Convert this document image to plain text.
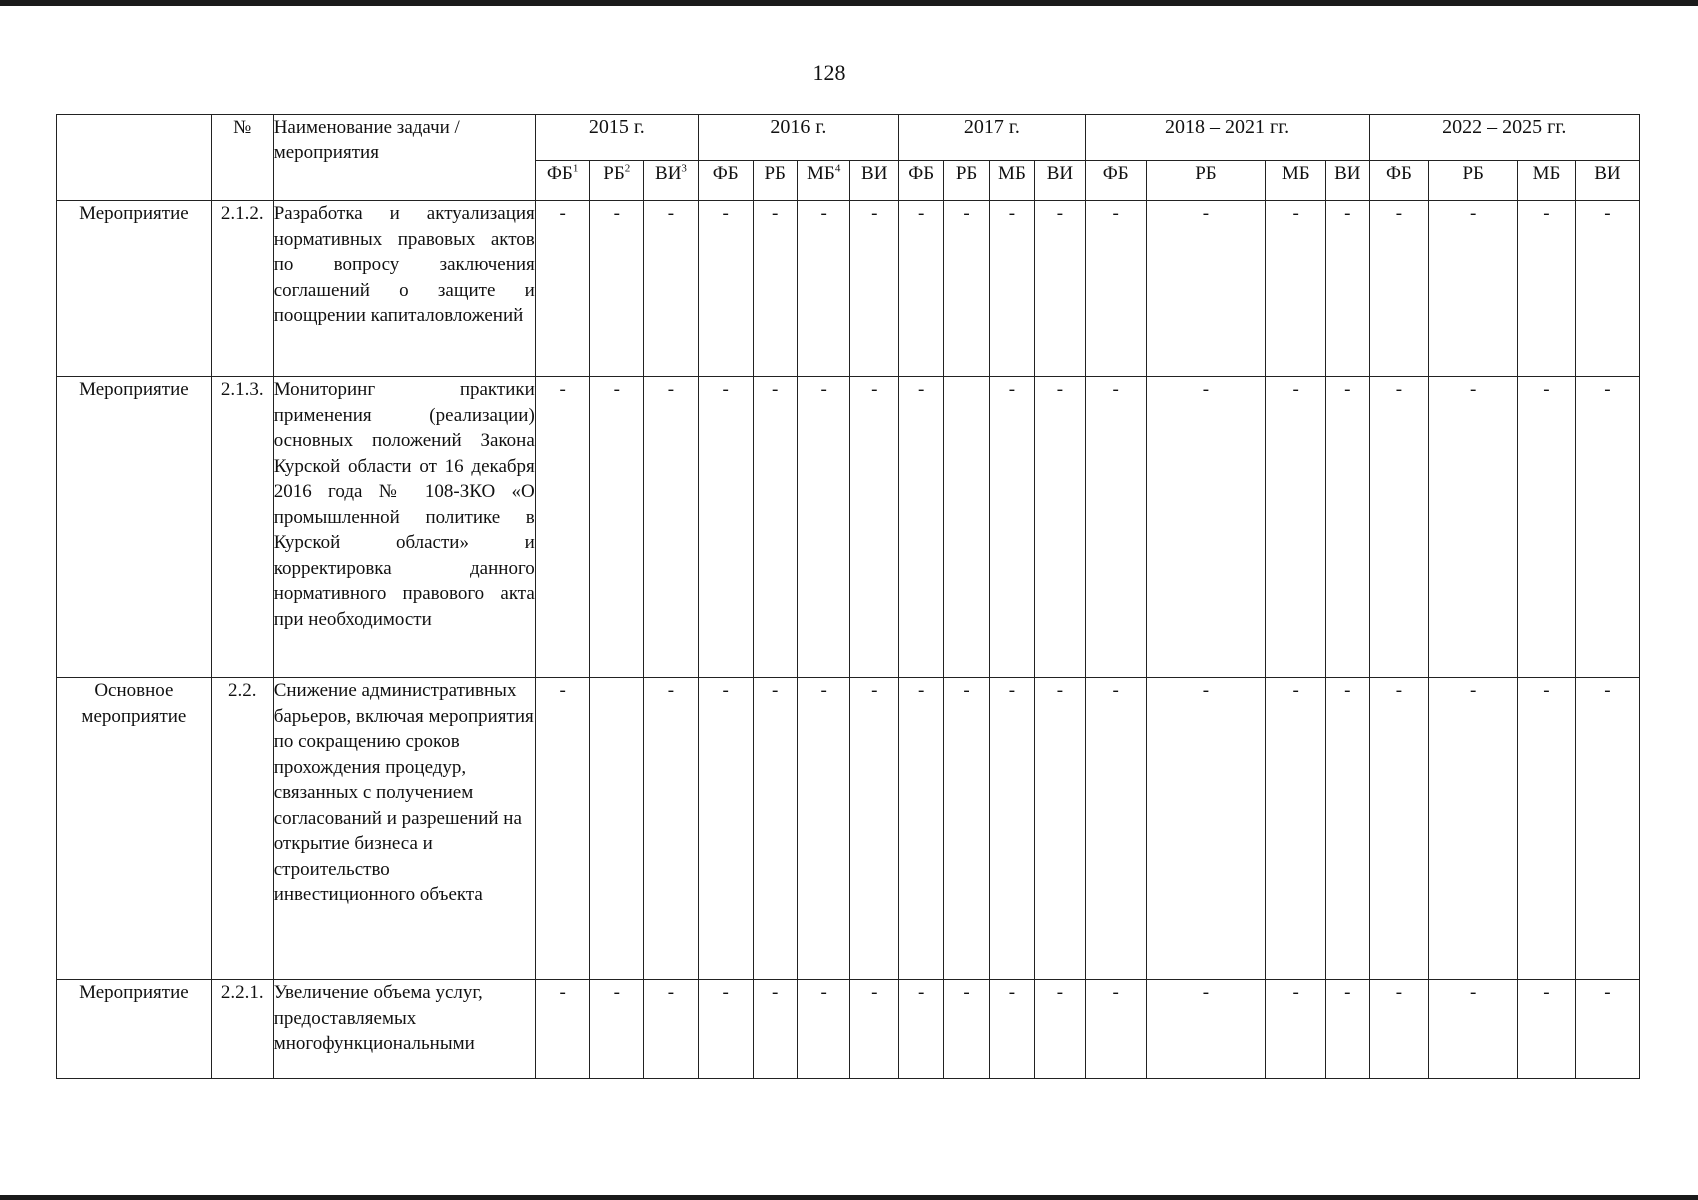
128
	№	Наименование задачи / мероприятия	2015 г.			2016 г.				2017 г.				2018 – 2021 гг.				2022 – 2025 гг.			
			$ФБ^1$	$РБ^2$	$ВИ^3$	ФБ	РБ	$МБ^4$	ВИ	ФБ	РБ	МБ	ВИ	ФБ	РБ	МБ	ВИ	ФБ	РБ	МБ	ВИ
Мероприятие	2.1.2.	Разработка и актуализация нормативных правовых актов по вопросу заключения соглашений о защите и поощрении капиталовложений	-	-	-	-	-	-	-	-	-	-	-	-	-	-	-	-	-	-	-
Мероприятие	2.1.3.	Мониторинг практики применения (реализации) основных положений Закона Курской области от 16 декабря 2016 года № 108-ЗКО «О промышленной политике в Курской области» и корректировка данного нормативного правового акта при необходимости	-	-	-	-	-	-	-	-		-	-	-	-	-	-	-	-	-	-
Основное мероприятие	2.2.	Снижение административных барьеров, включая мероприятия по сокращению сроков прохождения процедур, связанных с получением согласований и разрешений на открытие бизнеса и строительство инвестиционного объекта	-		-	-	-	-	-	-	-	-	-	-	-	-	-	-	-	-	-
Мероприятие	2.2.1.	Увеличение объема услуг, предоставляемых многофункциональными	-	-	-	-	-	-	-	-	-	-	-	-	-	-	-	-	-	-	-
